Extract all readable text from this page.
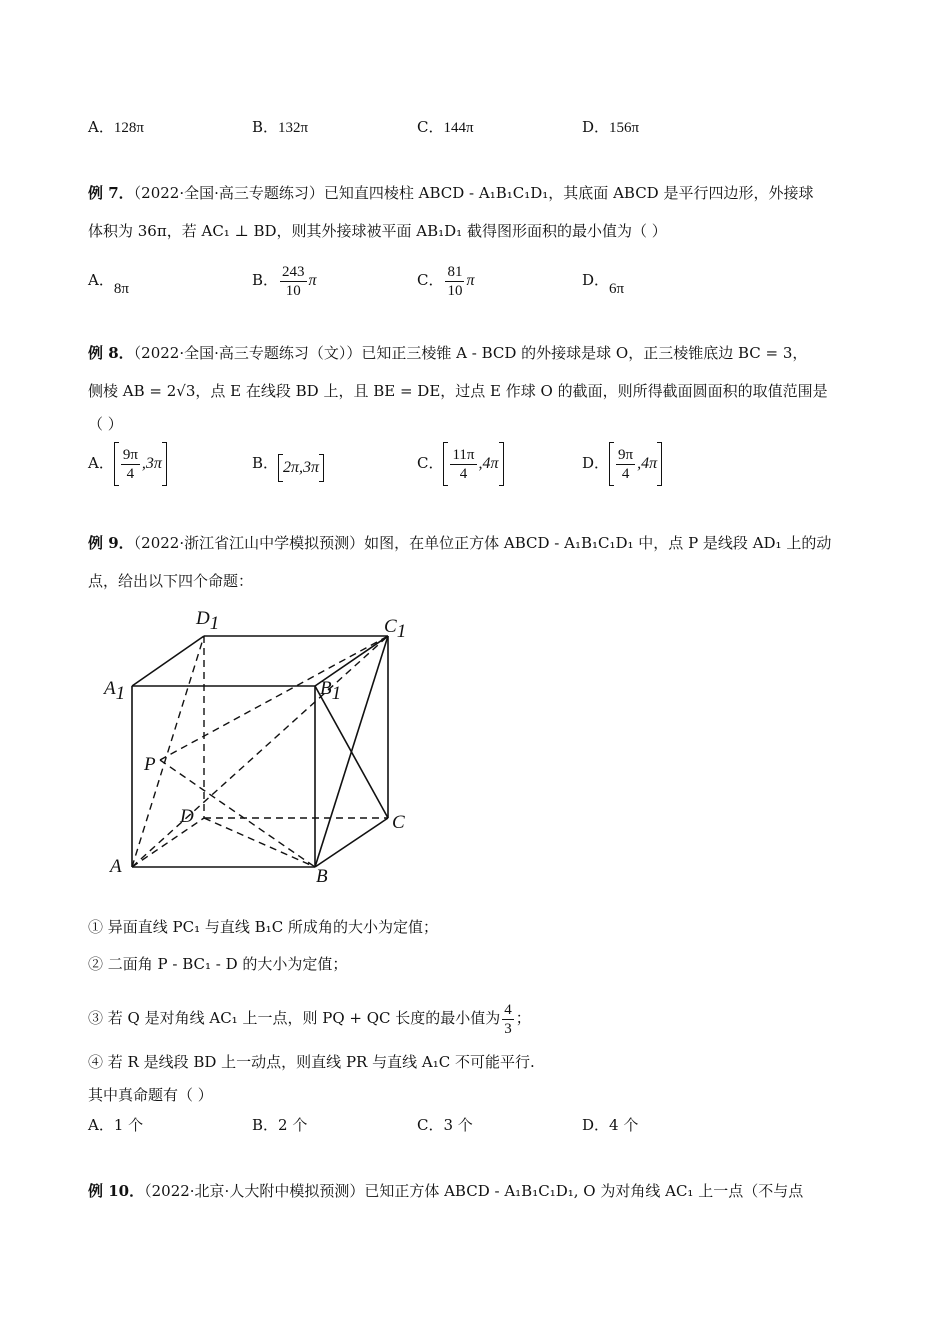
A．128π	B．132π	C．144π	D．156π
例 7．（2022·全国·高三专题练习）已知直四棱柱 ABCD - A₁B₁C₁D₁，其底面 ABCD 是平行四边形，外接球
体积为 36π，若 AC₁ ⊥ BD，则其外接球被平面 AB₁D₁ 截得图形面积的最小值为（ ）
A．8π	B． $\frac{243}{10}$ π	C． $\frac{81}{10}$ π	D．6π
例 8．（2022·全国·高三专题练习（文））已知正三棱锥 A - BCD 的外接球是球 O，正三棱锥底边 BC = 3，
侧棱 AB = 2√3，点 E 在线段 BD 上，且 BE = DE，过点 E 作球 O 的截面，则所得截面圆面积的取值范围是
（ ）
A． $\frac{9\pi}{4} ,3\pi$	B． 2π,3π	C． $\frac{11\pi}{4} ,4\pi$	D． $\frac{9\pi}{4} ,4\pi$
例 9．（2022·浙江省江山中学模拟预测）如图，在单位正方体 ABCD - A₁B₁C₁D₁ 中，点 P 是线段 AD₁ 上的动
点，给出以下四个命题：
D1	C1
A1	B1
P
D	C
A	B
① 异面直线 PC₁ 与直线 B₁C 所成角的大小为定值；
② 二面角 P - BC₁ - D 的大小为定值；
③ 若 Q 是对角线 AC₁ 上一点，则 PQ + QC 长度的最小值为 $\frac{4}{3}$ ；
④ 若 R 是线段 BD 上一动点，则直线 PR 与直线 A₁C 不可能平行.
其中真命题有（ ）
A．1 个	B．2 个	C．3 个	D．4 个
例 10．（2022·北京·人大附中模拟预测）已知正方体 ABCD - A₁B₁C₁D₁, O 为对角线 AC₁ 上一点（不与点
